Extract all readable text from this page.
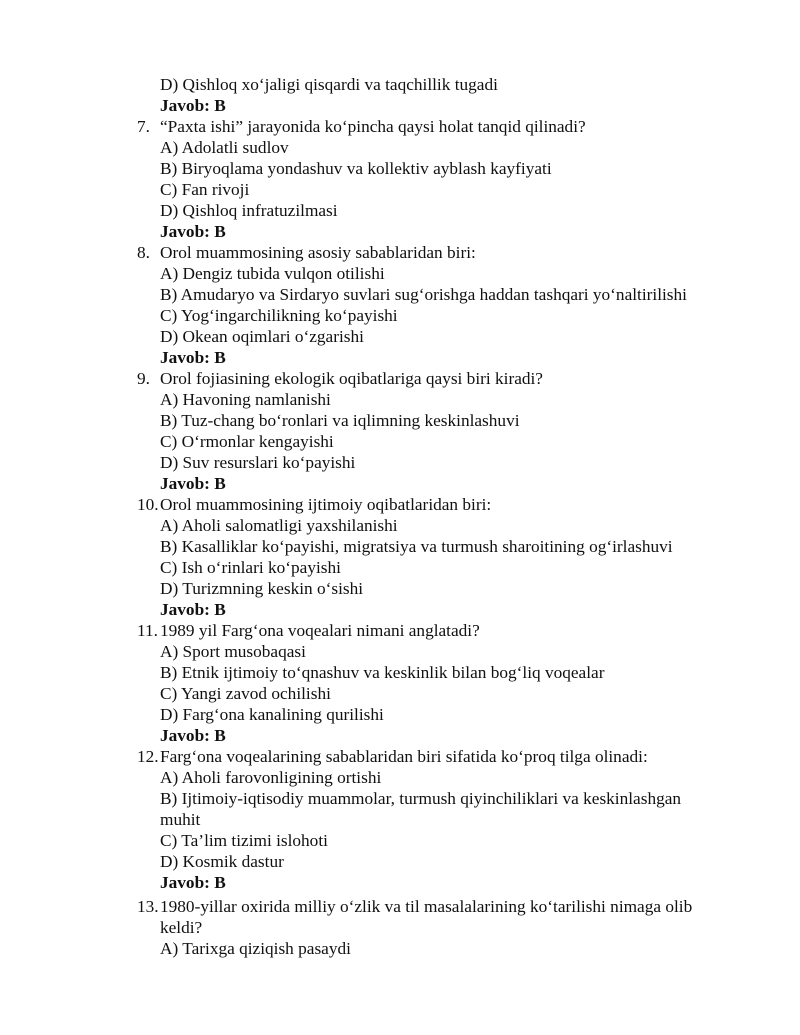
D) Qishloq xo‘jaligi qisqardi va taqchillik tugadi
Javob: B
7. “Paxta ishi” jarayonida ko‘pincha qaysi holat tanqid qilinadi?
A) Adolatli sudlov
B) Biryoqlama yondashuv va kollektiv ayblash kayfiyati
C) Fan rivoji
D) Qishloq infratuzilmasi
Javob: B
8. Orol muammosining asosiy sabablaridan biri:
A) Dengiz tubida vulqon otilishi
B) Amudaryo va Sirdaryo suvlari sug‘orishga haddan tashqari yo‘naltirilishi
C) Yog‘ingarchilikning ko‘payishi
D) Okean oqimlari o‘zgarishi
Javob: B
9. Orol fojiasining ekologik oqibatlariga qaysi biri kiradi?
A) Havoning namlanishi
B) Tuz-chang bo‘ronlari va iqlimning keskinlashuvi
C) O‘rmonlar kengayishi
D) Suv resurslari ko‘payishi
Javob: B
10.Orol muammosining ijtimoiy oqibatlaridan biri:
A) Aholi salomatligi yaxshilanishi
B) Kasalliklar ko‘payishi, migratsiya va turmush sharoitining og‘irlashuvi
C) Ish o‘rinlari ko‘payishi
D) Turizmning keskin o‘sishi
Javob: B
11. 1989 yil Farg‘ona voqealari nimani anglatadi?
A) Sport musobaqasi
B) Etnik ijtimoiy to‘qnashuv va keskinlik bilan bog‘liq voqealar
C) Yangi zavod ochilishi
D) Farg‘ona kanalining qurilishi
Javob: B
12.Farg‘ona voqealarining sabablaridan biri sifatida ko‘proq tilga olinadi:
A) Aholi farovonligining ortishi
B) Ijtimoiy-iqtisodiy muammolar, turmush qiyinchiliklari va keskinlashgan
muhit
C) Ta’lim tizimi islohoti
D) Kosmik dastur
Javob: B
13.1980-yillar oxirida milliy o‘zlik va til masalalarining ko‘tarilishi nimaga olib
keldi?
A) Tarixga qiziqish pasaydi
